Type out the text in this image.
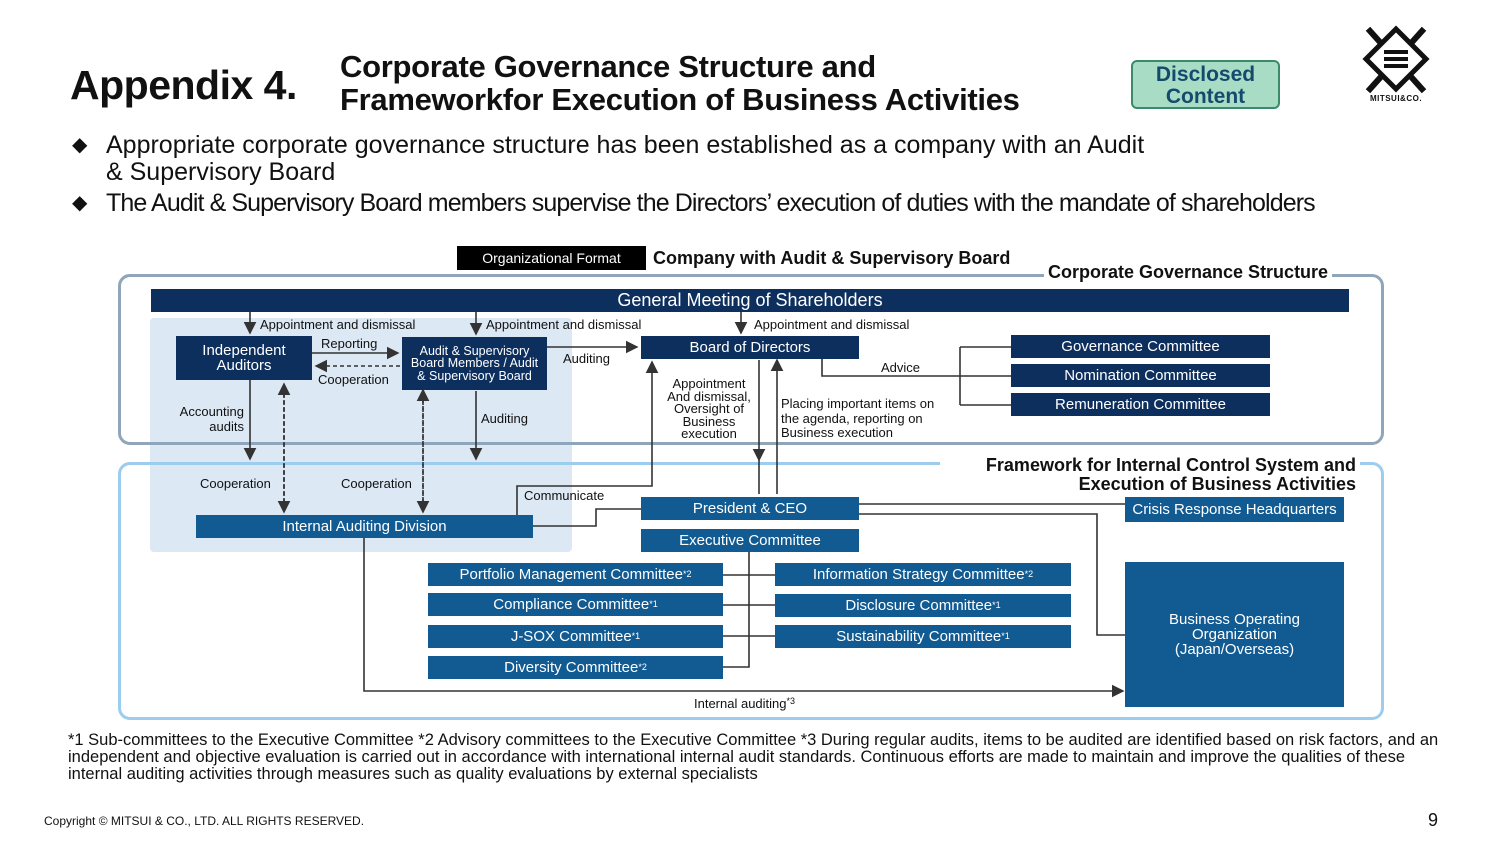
Appendix 4. Corporate Governance Structure and
Frameworkfor Execution of Business Activities
Disclosed
Content	MITSUI&CO.
◆ Appropriate corporate governance structure has been established as a company with an Audit
& Supervisory Board
◆ The Audit & Supervisory Board members supervise the Directors’ execution of duties with the mandate of shareholders
Organizational Format	Company with Audit & Supervisory Board
Corporate Governance Structure
Framework for Internal Control System and
Execution of Business Activities
General Meeting of Shareholders
Independent
Auditors
Audit & Supervisory
Board Members / Audit
& Supervisory Board
Board of Directors	Governance Committee
Nomination Committee
Remuneration Committee
President & CEO
Executive Committee
Internal Auditing Division
Crisis Response Headquarters
Business Operating
Organization
(Japan/Overseas)
Portfolio Management Committee *2
Compliance Committee *1
J-SOX Committee *1
Diversity Committee *2
Information Strategy Committee *2
Disclosure Committee *1
Sustainability Committee *1
Appointment and dismissal	Appointment and dismissal	Appointment and dismissal
Reporting
Cooperation
Auditing
Auditing
Accounting
audits
Advice
Appointment
And dismissal,
Oversight of
Business
execution
Placing important items on
the agenda, reporting on
Business execution
Cooperation	Cooperation
Communicate
Internal auditing$^{*3}$
*1 Sub-committees to the Executive Committee *2 Advisory committees to the Executive Committee *3 During regular audits, items to be audited are identified based on risk factors, and an independent and objective evaluation is carried out in accordance with international internal audit standards. Continuous efforts are made to maintain and improve the qualities of these internal auditing activities through measures such as quality evaluations by external specialists
Copyright © MITSUI & CO., LTD. ALL RIGHTS RESERVED.	9
